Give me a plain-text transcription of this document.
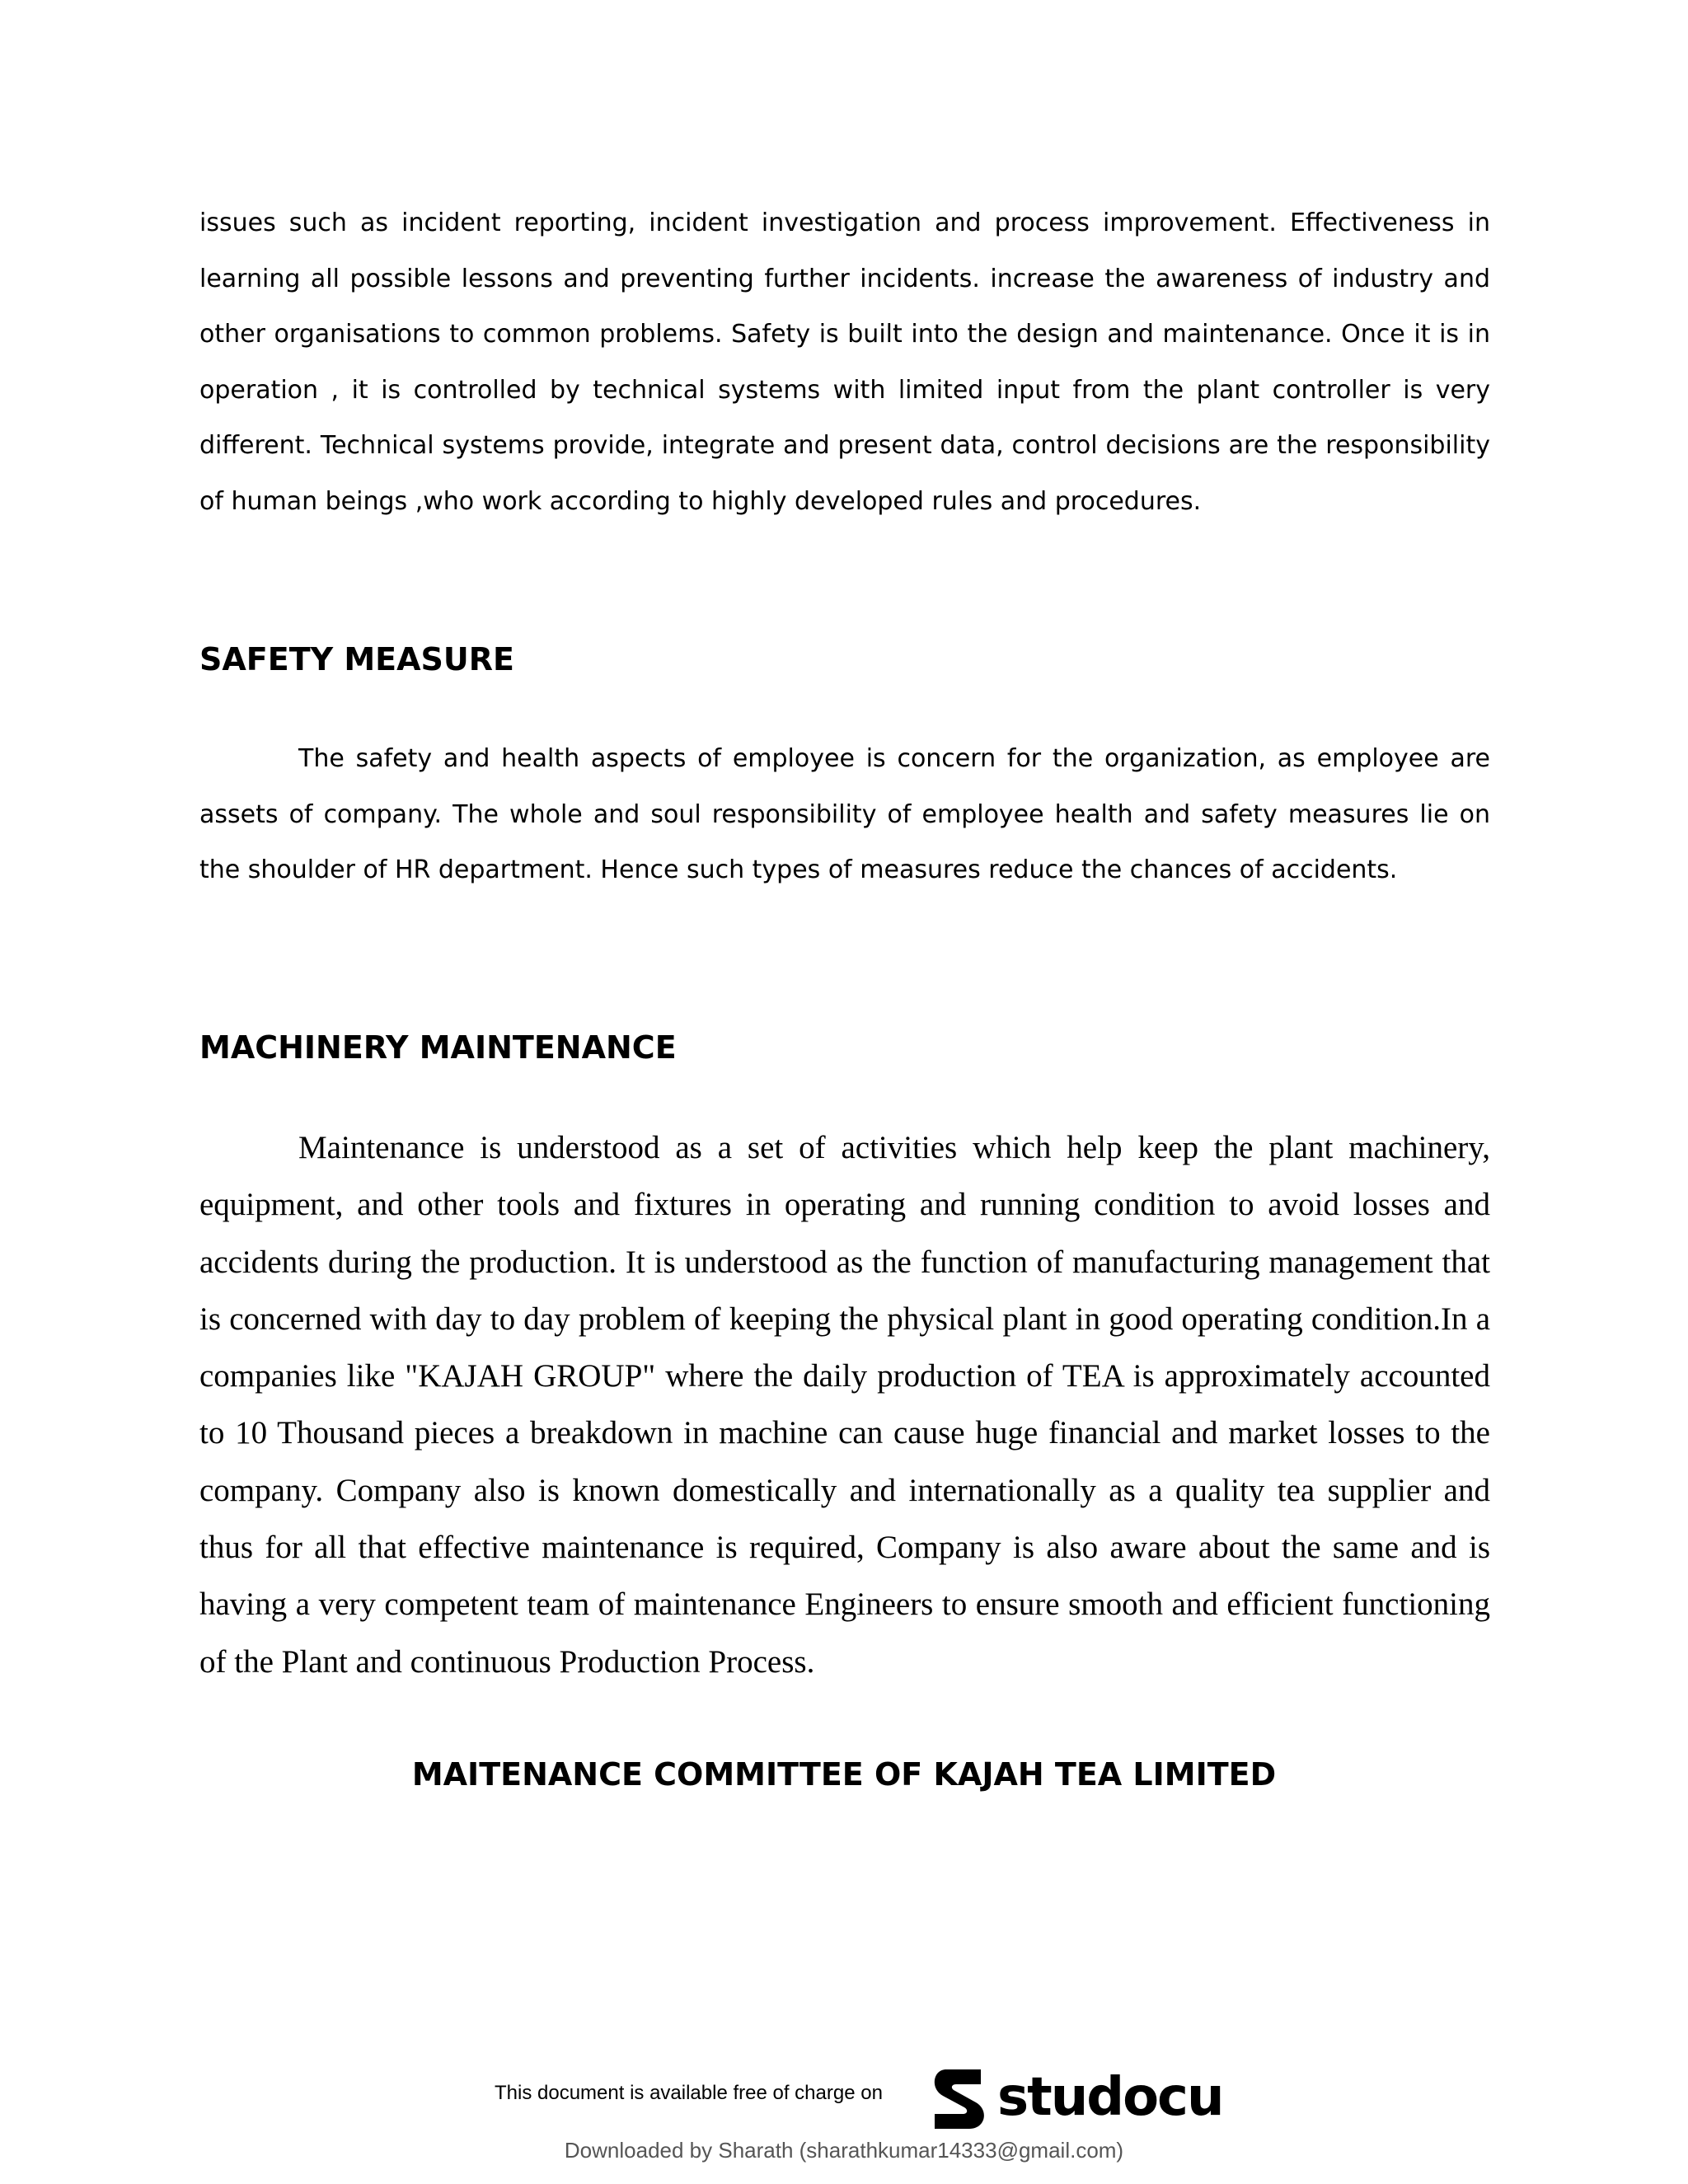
issues such as incident reporting, incident investigation and process improvement. Effectiveness in learning all possible lessons and preventing further incidents. increase the awareness of industry and other organisations to common problems. Safety is built into the design and maintenance. Once it is in operation , it is controlled by technical systems with limited input from the plant controller is very different. Technical systems provide, integrate and present data, control decisions are the responsibility of human beings ,who work according to highly developed rules and procedures.

SAFETY MEASURE

The safety and health aspects of employee is concern for the organization, as employee are assets of company. The whole and soul responsibility of employee health and safety measures lie on the shoulder of HR department. Hence such types of measures reduce the chances of accidents.

MACHINERY MAINTENANCE

Maintenance is understood as a set of activities which help keep the plant machinery, equipment, and other tools and fixtures in operating and running condition to avoid losses and accidents during the production. It is understood as the function of manufacturing management that is concerned with day to day problem of keeping the physical plant in good operating condition.In a companies like "KAJAH GROUP" where the daily production of TEA is approximately accounted to 10 Thousand pieces a breakdown in machine can cause huge financial and market losses to the company. Company also is known domestically and internationally as a quality tea supplier and thus for all that effective maintenance is required, Company is also aware about the same and is having a very competent team of maintenance Engineers to ensure smooth and efficient functioning of the Plant and continuous Production Process.

MAITENANCE COMMITTEE OF KAJAH TEA LIMITED
This document is available free of charge on studocu
Downloaded by Sharath (sharathkumar14333@gmail.com)
